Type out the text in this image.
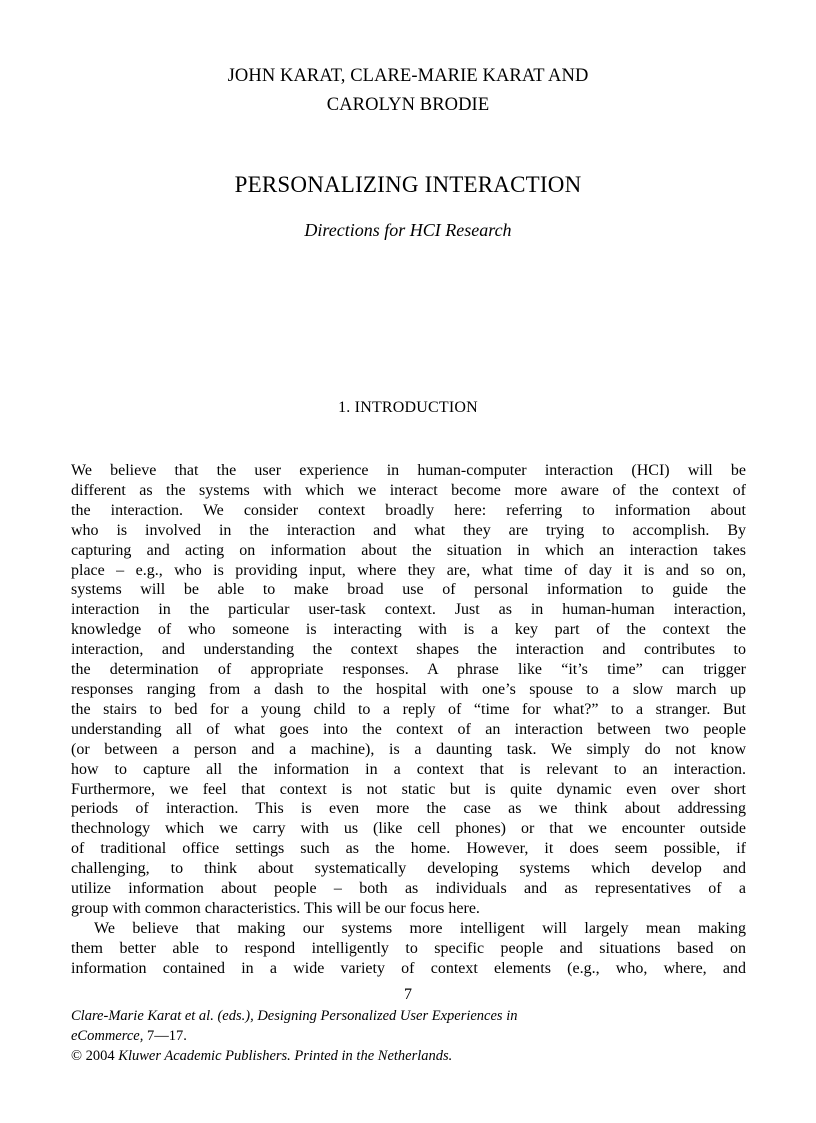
JOHN KARAT, CLARE-MARIE KARAT AND
CAROLYN BRODIE
PERSONALIZING INTERACTION
Directions for HCI Research
1. INTRODUCTION
We believe that the user experience in human-computer interaction (HCI) will be
different as the systems with which we interact become more aware of the context of
the interaction. We consider context broadly here: referring to information about
who is involved in the interaction and what they are trying to accomplish. By
capturing and acting on information about the situation in which an interaction takes
place – e.g., who is providing input, where they are, what time of day it is and so on,
systems will be able to make broad use of personal information to guide the
interaction in the particular user-task context. Just as in human-human interaction,
knowledge of who someone is interacting with is a key part of the context the
interaction, and understanding the context shapes the interaction and contributes to
the determination of appropriate responses. A phrase like “it’s time” can trigger
responses ranging from a dash to the hospital with one’s spouse to a slow march up
the stairs to bed for a young child to a reply of “time for what?” to a stranger. But
understanding all of what goes into the context of an interaction between two people
(or between a person and a machine), is a daunting task. We simply do not know
how to capture all the information in a context that is relevant to an interaction.
Furthermore, we feel that context is not static but is quite dynamic even over short
periods of interaction. This is even more the case as we think about addressing
thechnology which we carry with us (like cell phones) or that we encounter outside
of traditional office settings such as the home. However, it does seem possible, if
challenging, to think about systematically developing systems which develop and
utilize information about people – both as individuals and as representatives of a
group with common characteristics. This will be our focus here.
We believe that making our systems more intelligent will largely mean making
them better able to respond intelligently to specific people and situations based on
information contained in a wide variety of context elements (e.g., who, where, and
7
Clare-Marie Karat et al. (eds.), Designing Personalized User Experiences in
eCommerce, 7—17.
© 2004 Kluwer Academic Publishers. Printed in the Netherlands.
